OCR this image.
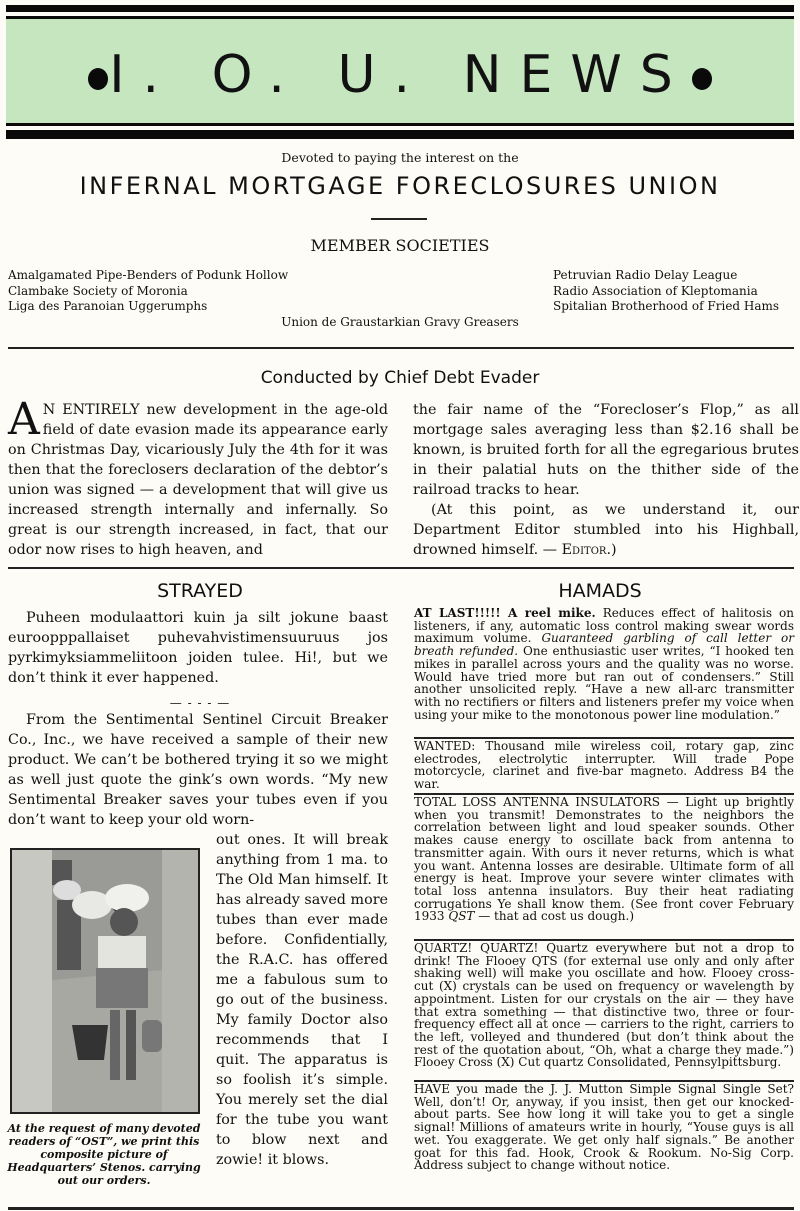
I. O. U. NEWS
Devoted to paying the interest on the
INFERNAL MORTGAGE FORECLOSURES UNION
MEMBER SOCIETIES
Amalgamated Pipe-Benders of Podunk Hollow
Clambake Society of Moronia
Liga des Paranoian Uggerumphs
Petruvian Radio Delay League
Radio Association of Kleptomania
Spitalian Brotherhood of Fried Hams
Union de Graustarkian Gravy Greasers
Conducted by Chief Debt Evader
A N ENTIRELY new development in the age-old field of date evasion made its appearance early on Christmas Day, vicariously July the 4th for it was then that the foreclosers declaration of the debtor’s union was signed — a development that will give us increased strength internally and infernally. So great is our strength increased, in fact, that our odor now rises to high heaven, and

the fair name of the “Forecloser’s Flop,” as all mortgage sales averaging less than $2.16 shall be known, is bruited forth for all the egregarious brutes in their palatial huts on the thither side of the railroad tracks to hear.

(At this point, as we understand it, our Department Editor stumbled into his Highball, drowned himself. — Editor.)

STRAYED

Puheen modulaattori kuin ja silt jokune baast euroopppallaiset puhevahvistimensuuruus jos pyrkimyksiammeliitoon joiden tulee. Hi!, but we don’t think it ever happened.

— - - - —

From the Sentimental Sentinel Circuit Breaker Co., Inc., we have received a sample of their new product. We can’t be bothered trying it so we might as well just quote the gink’s own words. “My new Sentimental Breaker saves your tubes even if you don’t want to keep your old worn-

out ones. It will break anything from 1 ma. to The Old Man himself. It has already saved more tubes than ever made before. Confidentially, the R.A.C. has offered me a fabulous sum to go out of the business. My family Doctor also recommends that I quit. The apparatus is so foolish it’s simple. You merely set the dial for the tube you want to blow next and zowie! it blows.
At the request of many devoted readers of “OST”, we print this composite picture of Headquarters’ Stenos. carrying out our orders.
HAMADS
AT LAST!!!!! A reel mike. Reduces effect of halitosis on listeners, if any, automatic loss control making swear words maximum volume. Guaranteed garbling of call letter or breath refunded. One enthusiastic user writes, “I hooked ten mikes in parallel across yours and the quality was no worse. Would have tried more but ran out of condensers.” Still another unsolicited reply. “Have a new all-arc transmitter with no rectifiers or filters and listeners prefer my voice when using your mike to the monotonous power line modulation.”
WANTED: Thousand mile wireless coil, rotary gap, zinc electrodes, electrolytic interrupter. Will trade Pope motorcycle, clarinet and five-bar magneto. Address B4 the war.
TOTAL LOSS ANTENNA INSULATORS — Light up brightly when you transmit! Demonstrates to the neighbors the correlation between light and loud speaker sounds. Other makes cause energy to oscillate back from antenna to transmitter again. With ours it never returns, which is what you want. Antenna losses are desirable. Ultimate form of all energy is heat. Improve your severe winter climates with total loss antenna insulators. Buy their heat radiating corrugations Ye shall know them. (See front cover February 1933 QST — that ad cost us dough.)
QUARTZ! QUARTZ! Quartz everywhere but not a drop to drink! The Flooey QTS (for external use only and only after shaking well) will make you oscillate and how. Flooey cross-cut (X) crystals can be used on frequency or wavelength by appointment. Listen for our crystals on the air — they have that extra something — that distinctive two, three or four-frequency effect all at once — carriers to the right, carriers to the left, volleyed and thundered (but don’t think about the rest of the quotation about, “Oh, what a charge they made.”) Flooey Cross (X) Cut quartz Consolidated, Pennsylpittsburg.
HAVE you made the J. J. Mutton Simple Signal Single Set? Well, don’t! Or, anyway, if you insist, then get our knocked-about parts. See how long it will take you to get a single signal! Millions of amateurs write in hourly, “Youse guys is all wet. You exaggerate. We get only half signals.” Be another goat for this fad. Hook, Crook & Rookum. No-Sig Corp. Address subject to change without notice.
